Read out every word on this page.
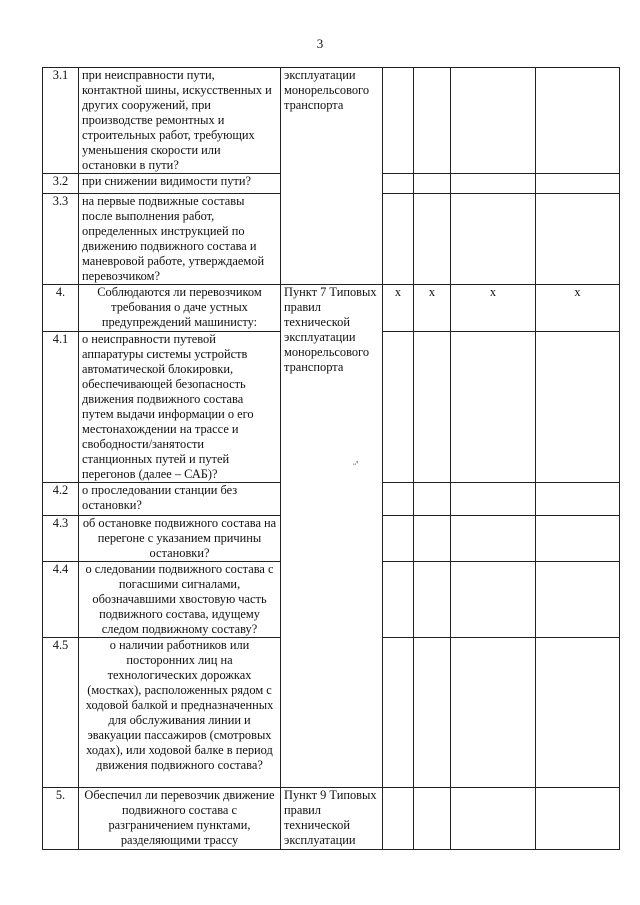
3
3.1	при неисправности пути, контактной шины, искусственных и других сооружений, при производстве ремонтных и строительных работ, требующих уменьшения скорости или остановки в пути?	эксплуатации монорельсового транспорта				
3.2	при снижении видимости пути?					
3.3	на первые подвижные составы после выполнения работ, определенных инструкцией по движению подвижного состава и маневровой работе, утверждаемой перевозчиком?					
4.	Соблюдаются ли перевозчиком требования о даче устных предупреждений машинисту:	Пункт 7 Типовых правил технической эксплуатации монорельсового транспорта	x	x	x	x
4.1	о неисправности путевой аппаратуры системы устройств автоматической блокировки, обеспечивающей безопасность движения подвижного состава путем выдачи информации о его местонахождении на трассе и свободности/занятости станционных путей и путей перегонов (далее – САБ)?					
4.2	о проследовании станции без остановки?					
4.3	об остановке подвижного состава на перегоне с указанием причины остановки?					

4.4	о следовании подвижного состава с погасшими сигналами, обозначавшими хвостовую часть подвижного состава, идущему следом подвижному составу?					

4.5	о наличии работников или посторонних лиц на технологических дорожках (мостках), расположенных рядом с ходовой балкой и предназначенных для обслуживания линии и эвакуации пассажиров (смотровых ходах), или ходовой балке в период движения подвижного состава?					

5.	Обеспечил ли перевозчик движение подвижного состава с разграничением пунктами, разделяющими трассу	Пункт 9 Типовых правил технической эксплуатации				
ᵕ'
